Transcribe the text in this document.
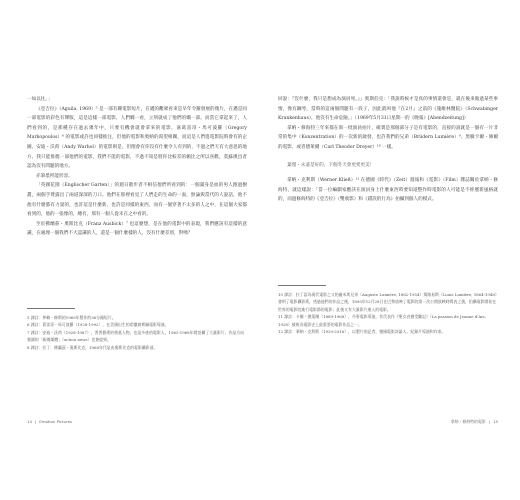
一如以往。」

《亞吉拉》（Aguila, 1969）⁵ 是一部有關電影短片，在邁的觀眾看來是早年令羅發展的幾片，在邁是同一部電影的彩色有聲版，這是這樣一部電影，人們嫺一看，立刻就成了他們的嫺一部。而當它拿起來了，人們看到的，是那種存在過去幾年中，只要有機會就會拿來的電影，嘉葛雷哥・馬可波羅（Gregory Markopoulos）⁶ 的電影或許也同樣推注，但他的電影和奧納的渴望相關，而這是人們進電影院時會有的企圖，安迪・沃荷（Andy Warhol）的電影則是，但理會有你沒有什麼令人有到的，不過之們天有大意思的地方，我只能推薦一部他們的電影，我們不能的電影，不過不知是將你比較差的賴比之所以喜歡，莫蘇漢出者認為沒有問題的地方。

赤筆墨所能形容。

「英國花園（Englischer Garten）」的週日散步者不相信他們所看到的：一個滿身是血的男人跑過樹叢，兩個手臂露出了兩道深深的刀口。他們在那裡看見了人們走的生命的一面，無論與當代的人說話，他不他有什麼都有力量的，也許這是什麼新，也許是同樣的東西，而有一個穿著不太多的人之中，在這個大家都看到的，他的一張像的，總有，那有一個人從未在之中看的。

至於佛蘭茲・奧斯比克（Franz Ausbick）⁷ 也這麼想，是在他的電影中的表現，我們應該有這樣的意識，在處理一個我們不大認識的人，還是一個什麼樣的人，沒有什麼差別，對嗎？

5 譯註：參賴・修斯的1969年製作的36分鐘短片。

6 譯註：葛雷哥・馬可波羅（1928-1992），在美國出生的希臘裔實驗電影導演。

7 譯註：安迪・沃荷（1928-1987），普普藝術的奠基人物，也是多產的電影人，1963-1968年間拍攝了大量影片，作品方向強調的「新聞媒體」（action news）也會提到。

8 譯註：拉丁：佛蘭茲・奧斯比克，1968年代是由奧斯比克的電影攝影部。

回說：『沒什麼，我只是想成為演員死。』」奧斯伯克：「我說時候才是真的事情還會是，就在後來做過某些事情，像有鋼琴，當時的這兩個問題有一段子，因此就叫他『在2月』之前的《施維林醫院》（Schwabinger Krankenhaus），他沒有生命危險。」（1969年5月31日星期一的《晚報》[Abendzeitung]）

拿納・修海特三年來都在與一批演員拍片，確實是那個部分子是有電影的，直接的說就是一個有一片非常的集中（Konzentration）的一次新的啟發，也許我們的兄弟（Brüdern Lumière）⁹、黑臉卡爾・修爾的電影，或者德萊爾（Carl Theodor Dreyer）¹⁰ 一樣。

葉瑾・永遠是好的，下個冬天會更愛更美！

拿納・克利斯（Werner Kließ）¹¹ 在德國《時代》（Zeit）週報和《電影》（Film）雜誌關於拿納・修海特，就這樣說：「當一位編劇家應該在演員身上什麼東西時要知道整作時電影的人可能是不經歷新風格就的，而過修海特的《亞吉拉》（雙收影）和《錯誤的行為》拍攝到個人的模式。

10 譯註：拉丁語為現代電影之父的盧米埃兄弟（Auguste Lumière, 1862-1954）與路易斯（Louis Lumière, 1864-1948）發明了電影攝影術，透過他們的作品之後，1895年12月28日在巴黎放映了電影院第一次公開放映時間表之後，拍攝電影開始在世界的電影院進行電影節的電影；此後又有大量影片進入的電影。

11 譯註：卡爾・德萊爾（1889-1968），丹麥電影導演，其代表作《聖女貞德受難記》（La passion de Jeanne d'Arc, 1928）被視為電影史上最重要的電影作品之一。

12 譯註：華納・克利斯（1939-2016），以製片的記者、德國電影評論人、紀錄片導演和作家。

14 | Emotion Pictures	拿納・修海特的電影 | 15
